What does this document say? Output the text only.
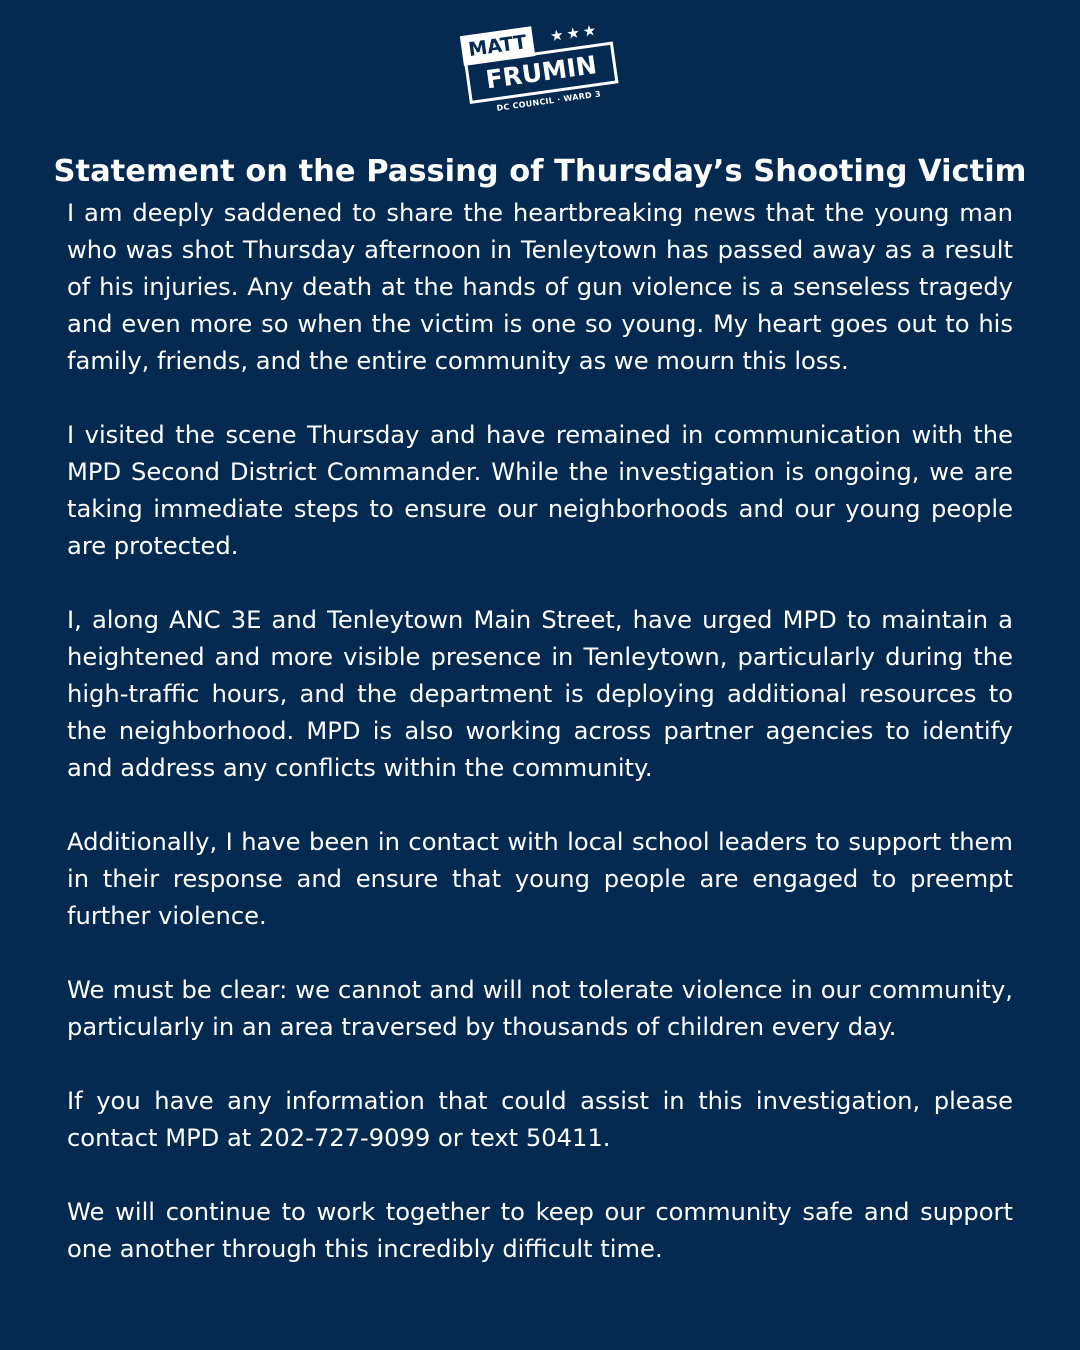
MATT	★★★
FRUMIN
DC COUNCIL · WARD 3
Statement on the Passing of Thursday’s Shooting Victim

I am deeply saddened to share the heartbreaking news that the young man who was shot Thursday afternoon in Tenleytown has passed away as a result of his injuries. Any death at the hands of gun violence is a senseless tragedy and even more so when the victim is one so young. My heart goes out to his family, friends, and the entire community as we mourn this loss.

I visited the scene Thursday and have remained in communication with the MPD Second District Commander. While the investigation is ongoing, we are taking immediate steps to ensure our neighborhoods and our young people are protected.

I, along ANC 3E and Tenleytown Main Street, have urged MPD to maintain a heightened and more visible presence in Tenleytown, particularly during the high-traffic hours, and the department is deploying additional resources to the neighborhood. MPD is also working across partner agencies to identify and address any conflicts within the community.

Additionally, I have been in contact with local school leaders to support them in their response and ensure that young people are engaged to preempt further violence.

We must be clear: we cannot and will not tolerate violence in our community, particularly in an area traversed by thousands of children every day.

If you have any information that could assist in this investigation, please contact MPD at 202-727-9099 or text 50411.

We will continue to work together to keep our community safe and support one another through this incredibly difficult time.
